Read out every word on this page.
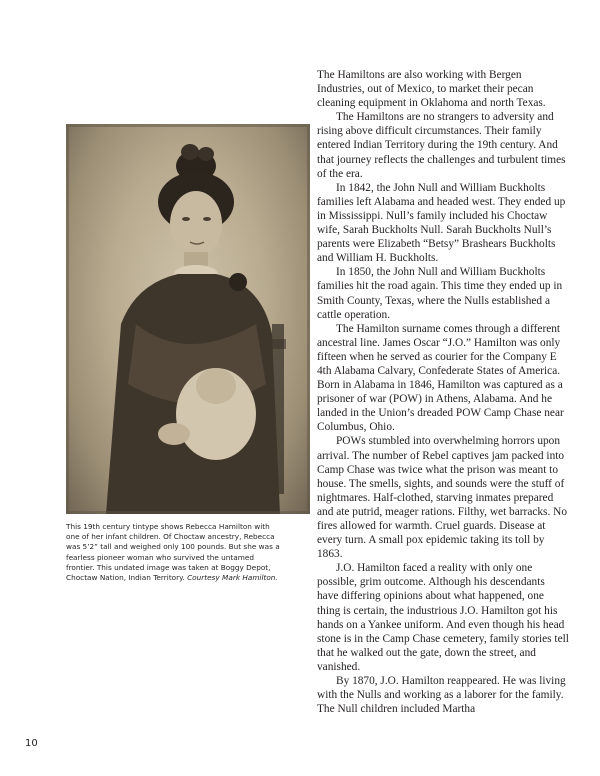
This 19th century tintype shows Rebecca Hamilton with one of her infant children. Of Choctaw ancestry, Rebecca was 5’2” tall and weighed only 100 pounds. But she was a fearless pioneer woman who survived the untamed frontier. This undated image was taken at Boggy Depot, Choctaw Nation, Indian Territory. Courtesy Mark Hamilton.

The Hamiltons are also working with Bergen Industries, out of Mexico, to market their pecan cleaning equipment in Oklahoma and north Texas.

The Hamiltons are no strangers to adversity and rising above difficult circumstances. Their family entered Indian Territory during the 19th century. And that journey reflects the challenges and turbulent times of the era.

In 1842, the John Null and William Buckholts families left Alabama and headed west. They ended up in Mississippi. Null’s family included his Choctaw wife, Sarah Buckholts Null. Sarah Buckholts Null’s parents were Elizabeth “Betsy” Brashears Buckholts and William H. Buckholts.

In 1850, the John Null and William Buckholts families hit the road again. This time they ended up in Smith County, Texas, where the Nulls established a cattle operation.

The Hamilton surname comes through a different ancestral line. James Oscar “J.O.” Hamilton was only fifteen when he served as courier for the Company E 4th Alabama Calvary, Confederate States of America. Born in Alabama in 1846, Hamilton was captured as a prisoner of war (POW) in Athens, Alabama. And he landed in the Union’s dreaded POW Camp Chase near Columbus, Ohio.

POWs stumbled into overwhelming horrors upon arrival. The number of Rebel captives jam packed into Camp Chase was twice what the prison was meant to house. The smells, sights, and sounds were the stuff of nightmares. Half-clothed, starving inmates prepared and ate putrid, meager rations. Filthy, wet barracks. No fires allowed for warmth. Cruel guards. Disease at every turn. A small pox epidemic taking its toll by 1863.

J.O. Hamilton faced a reality with only one possible, grim outcome. Although his descendants have differing opinions about what happened, one thing is certain, the industrious J.O. Hamilton got his hands on a Yankee uniform. And even though his head stone is in the Camp Chase cemetery, family stories tell that he walked out the gate, down the street, and vanished.

By 1870, J.O. Hamilton reappeared. He was living with the Nulls and working as a laborer for the family. The Null children included Martha

10
